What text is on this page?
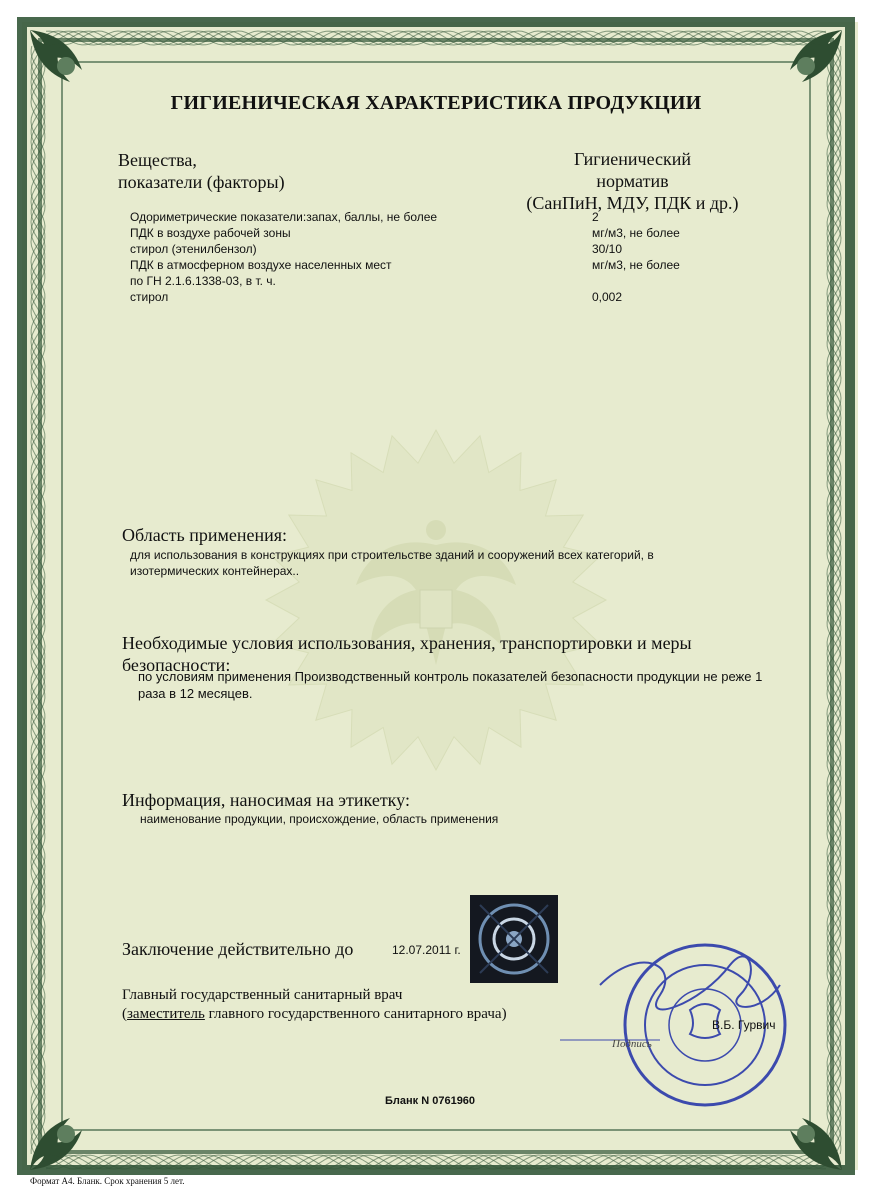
ГИГИЕНИЧЕСКАЯ ХАРАКТЕРИСТИКА ПРОДУКЦИИ
Вещества,
показатели (факторы)
Гигиенический
норматив
(СанПиН, МДУ, ПДК и др.)
Одориметрические показатели:запах, баллы, не более	2
ПДК в воздухе рабочей зоны	мг/м3, не более
стирол (этенилбензол)	30/10
ПДК в атмосферном воздухе населенных мест	мг/м3, не более
по ГН 2.1.6.1338-03, в т. ч.
стирол	0,002
Область применения:
для использования в конструкциях при строительстве зданий и сооружений всех категорий, в
изотермических контейнерах..
Необходимые условия использования, хранения, транспортировки и меры
безопасности:
по условиям применения Производственный контроль показателей безопасности продукции не реже 1
раза в 12 месяцев.
Информация, наносимая на этикетку:
наименование продукции, происхождение, область применения
Заключение действительно до	12.07.2011 г.
Главный государственный санитарный врач
(заместитель главного государственного санитарного врача)
Подпись
В.Б. Гурвич
Бланк N 0761960
Формат А4. Бланк. Срок хранения 5 лет.
